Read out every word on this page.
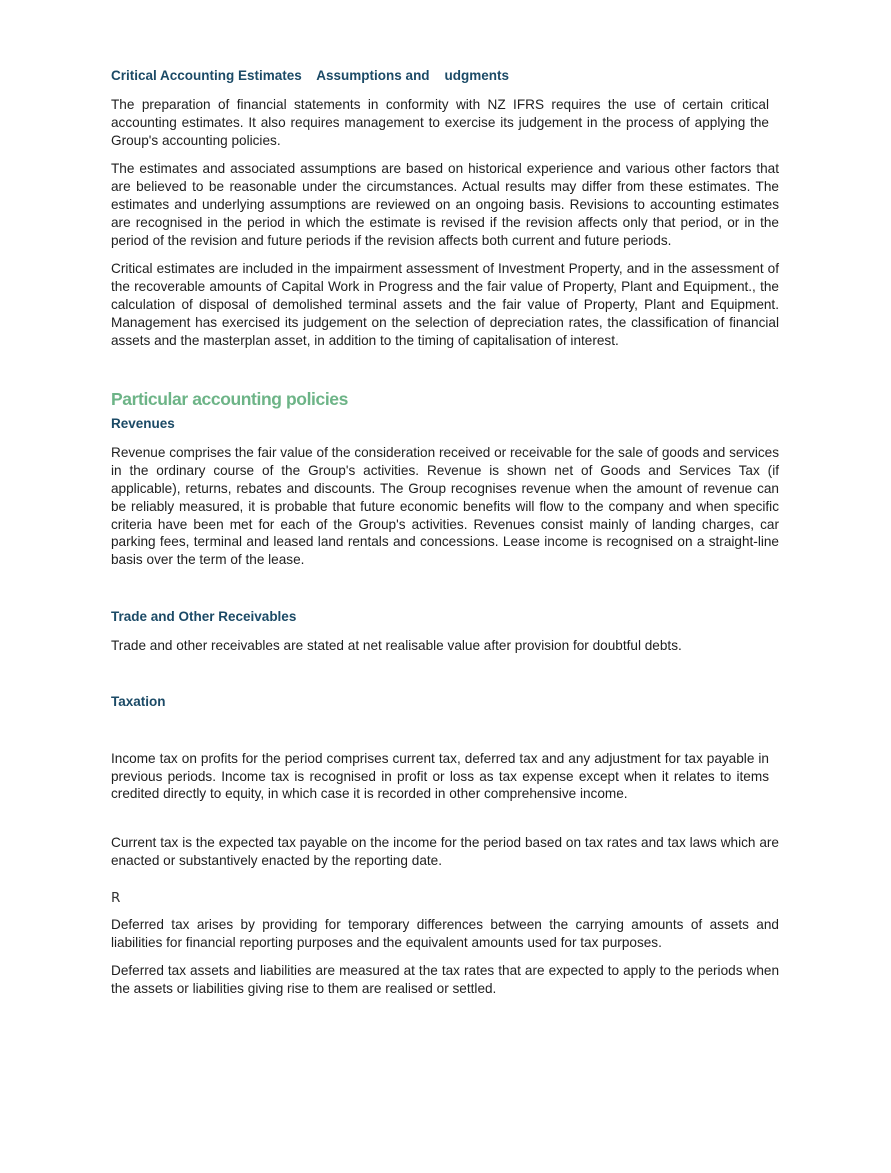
Critical Accounting Estimates    Assumptions and    udgments

The preparation of financial statements in conformity with NZ IFRS requires the use of certain critical accounting estimates. It also requires management to exercise its judgement in the process of applying the Group's accounting policies.

The estimates and associated assumptions are based on historical experience and various other factors that are believed to be reasonable under the circumstances. Actual results may differ from these estimates. The estimates and underlying assumptions are reviewed on an ongoing basis. Revisions to accounting estimates are recognised in the period in which the estimate is revised if the revision affects only that period, or in the period of the revision and future periods if the revision affects both current and future periods.

Critical estimates are included in the impairment assessment of Investment Property, and in the assessment of the recoverable amounts of Capital Work in Progress and the fair value of Property, Plant and Equipment., the calculation of disposal of demolished terminal assets and the fair value of Property, Plant and Equipment. Management has exercised its judgement on the selection of depreciation rates, the classification of financial assets and the masterplan asset, in addition to the timing of capitalisation of interest.

Particular accounting policies
Revenues

Revenue comprises the fair value of the consideration received or receivable for the sale of goods and services in the ordinary course of the Group's activities. Revenue is shown net of Goods and Services Tax (if applicable), returns, rebates and discounts. The Group recognises revenue when the amount of revenue can be reliably measured, it is probable that future economic benefits will flow to the company and when specific criteria have been met for each of the Group's activities. Revenues consist mainly of landing charges, car parking fees, terminal and leased land rentals and concessions. Lease income is recognised on a straight-line basis over the term of the lease.

Trade and Other Receivables

Trade and other receivables are stated at net realisable value after provision for doubtful debts.

Taxation

Income tax on profits for the period comprises current tax, deferred tax and any adjustment for tax payable in previous periods. Income tax is recognised in profit or loss as tax expense except when it relates to items credited directly to equity, in which case it is recorded in other comprehensive income.

Current tax is the expected tax payable on the income for the period based on tax rates and tax laws which are enacted or substantively enacted by the reporting date.

R

Deferred tax arises by providing for temporary differences between the carrying amounts of assets and liabilities for financial reporting purposes and the equivalent amounts used for tax purposes.

Deferred tax assets and liabilities are measured at the tax rates that are expected to apply to the periods when the assets or liabilities giving rise to them are realised or settled.
